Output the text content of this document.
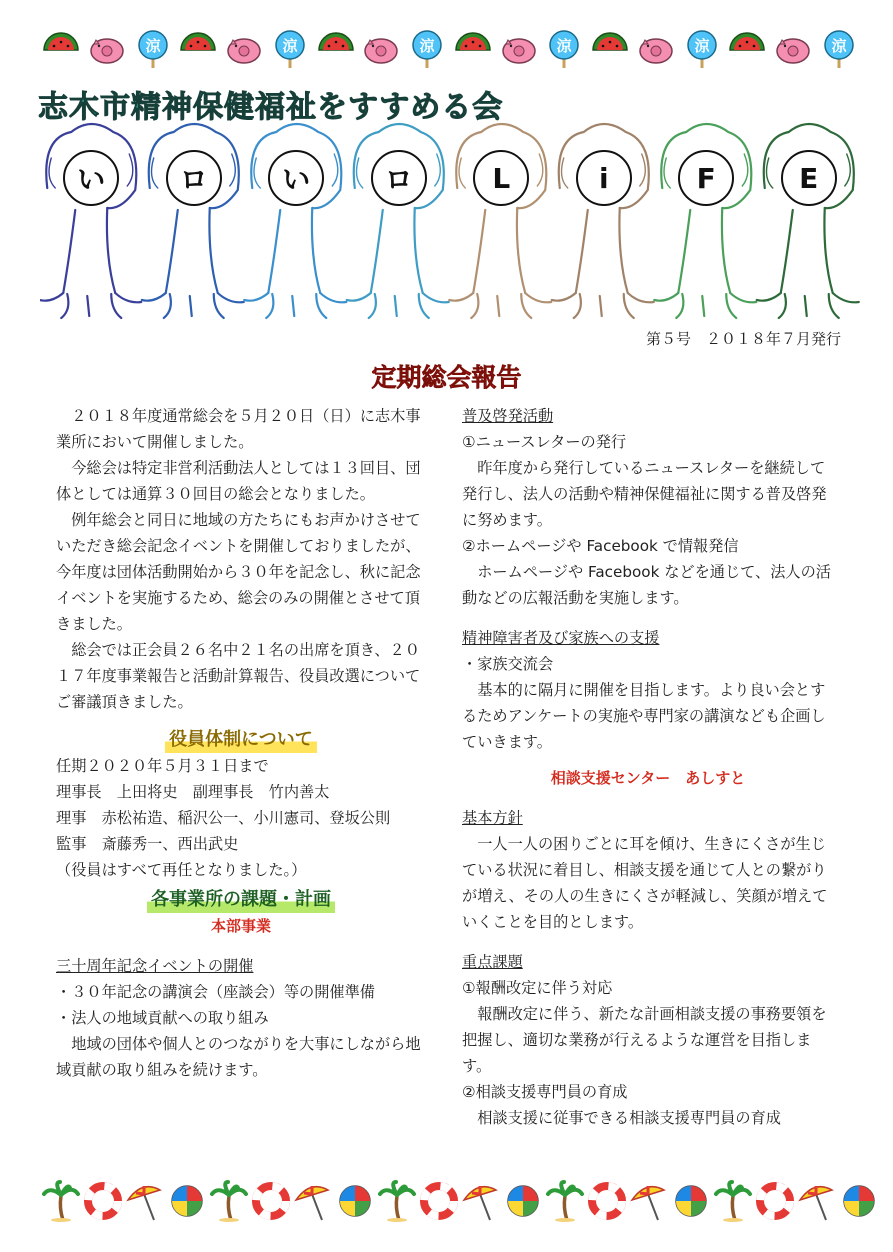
涼	涼	涼	涼	涼	涼
志木市精神保健福祉をすすめる会
い	ロ	い	ロ	L	i	F	E
第５号　２０１８年７月発行
定期総会報告

２０１８年度通常総会を５月２０日（日）に志木事業所において開催しました。

今総会は特定非営利活動法人としては１３回目、団体としては通算３０回目の総会となりました。

例年総会と同日に地域の方たちにもお声かけさせていただき総会記念イベントを開催しておりましたが、今年度は団体活動開始から３０年を記念し、秋に記念イベントを実施するため、総会のみの開催とさせて頂きました。

総会では正会員２６名中２１名の出席を頂き、２０１７年度事業報告と活動計算報告、役員改選についてご審議頂きました。

役員体制について

任期２０２０年５月３１日まで

理事長　上田将史　副理事長　竹内善太

理事　赤松祐造、稲沢公一、小川憲司、登坂公則

監事　斎藤秀一、西出武史

（役員はすべて再任となりました。）

各事業所の課題・計画

本部事業

三十周年記念イベントの開催

・３０年記念の講演会（座談会）等の開催準備

・法人の地域貢献への取り組み

地域の団体や個人とのつながりを大事にしながら地域貢献の取り組みを続けます。

普及啓発活動

①ニュースレターの発行

昨年度から発行しているニュースレターを継続して発行し、法人の活動や精神保健福祉に関する普及啓発に努めます。

②ホームページや Facebook で情報発信

ホームページや Facebook などを通じて、法人の活動などの広報活動を実施します。

精神障害者及び家族への支援

・家族交流会

基本的に隔月に開催を目指します。より良い会とするためアンケートの実施や専門家の講演なども企画していきます。

相談支援センター　あしすと

基本方針

一人一人の困りごとに耳を傾け、生きにくさが生じている状況に着目し、相談支援を通じて人との繋がりが増え、その人の生きにくさが軽減し、笑顔が増えていくことを目的とします。

重点課題

①報酬改定に伴う対応

報酬改定に伴う、新たな計画相談支援の事務要領を把握し、適切な業務が行えるような運営を目指します。

②相談支援専門員の育成

相談支援に従事できる相談支援専門員の育成
